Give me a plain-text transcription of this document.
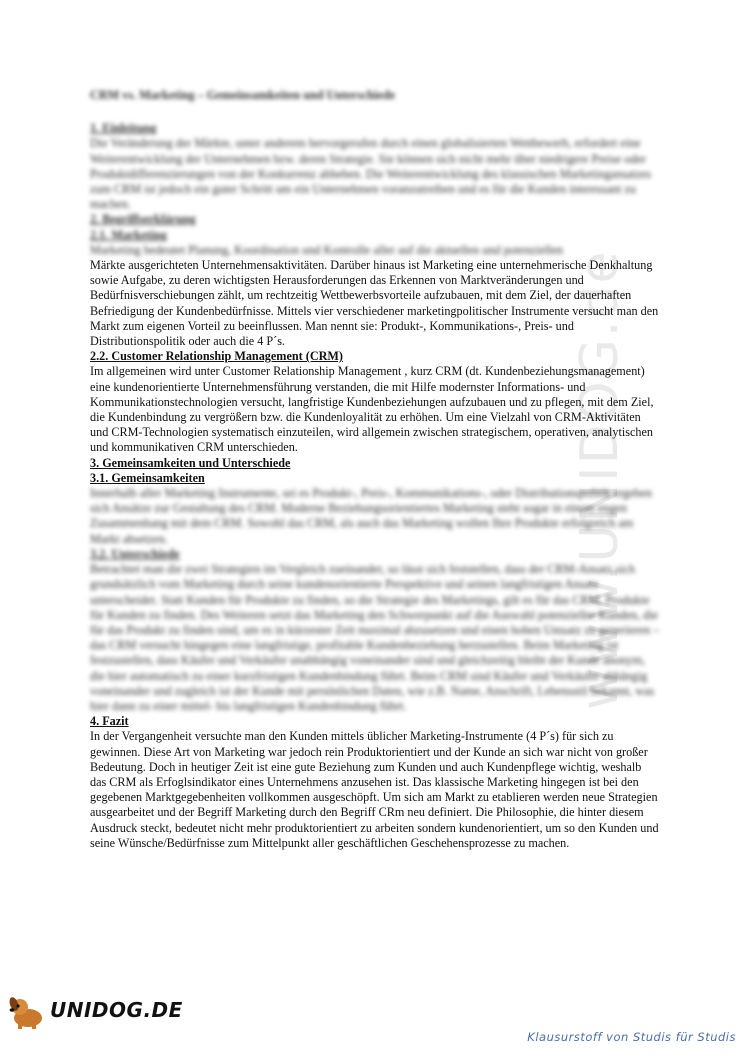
www.UNIDOG.de

CRM vs. Marketing – Gemeinsamkeiten und Unterschiede

1. Einleitung

Die Veränderung der Märkte, unter anderem hervorgerufen durch einen globalisierten Wettbewerb, erfordert eine Weiterentwicklung der Unternehmen bzw. deren Strategie. Sie können sich nicht mehr über niedrigere Preise oder Produktdifferenzierungen von der Konkurrenz abheben. Die Weiterentwicklung des klassischen Marketingansatzes zum CRM ist jedoch ein guter Schritt um ein Unternehmen voranzutreiben und es für die Kunden interessant zu machen.

2. Begriffserklärung

2.1. Marketing

Marketing bedeutet Planung, Koordination und Kontrolle aller auf die aktuellen und potenziellen

Märkte ausgerichteten Unternehmensaktivitäten. Darüber hinaus ist Marketing eine unternehmerische Denkhaltung sowie Aufgabe, zu deren wichtigsten Herausforderungen das Erkennen von Marktveränderungen und Bedürfnisverschiebungen zählt, um rechtzeitig Wettbewerbsvorteile aufzubauen, mit dem Ziel, der dauerhaften Befriedigung der Kundenbedürfnisse. Mittels vier verschiedener marketingpolitischer Instrumente versucht man den Markt zum eigenen Vorteil zu beeinflussen. Man nennt sie: Produkt-, Kommunikations-, Preis- und Distributionspolitik oder auch die 4 P´s.

2.2. Customer Relationship Management (CRM)

Im allgemeinen wird unter Customer Relationship Management , kurz CRM (dt. Kundenbeziehungsmanagement) eine kundenorientierte Unternehmensführung verstanden, die mit Hilfe modernster Informations- und Kommunikationstechnologien versucht, langfristige Kundenbeziehungen aufzubauen und zu pflegen, mit dem Ziel, die Kundenbindung zu vergrößern bzw. die Kundenloyalität zu erhöhen. Um eine Vielzahl von CRM-Aktivitäten und CRM-Technologien systematisch einzuteilen, wird allgemein zwischen strategischem, operativen, analytischen und kommunikativen CRM unterschieden.

3. Gemeinsamkeiten und Unterschiede

3.1. Gemeinsamkeiten

Innerhalb aller Marketing Instrumente, sei es Produkt-, Preis-, Kommunikations-, oder Distributionspolitik ergeben sich Ansätze zur Gestaltung des CRM. Moderne Beziehungsorientiertes Marketing steht sogar in einem engen Zusammenhang mit dem CRM. Sowohl das CRM, als auch das Marketing wollen Ihre Produkte erfolgreich am Markt absetzen.

3.2. Unterschiede

Betrachtet man die zwei Strategien im Vergleich zueinander, so lässt sich feststellen, dass der CRM-Ansatz sich grundsätzlich vom Marketing durch seine kundenorientierte Perspektive und seinen langfristigen Ansatz unterscheidet. Statt Kunden für Produkte zu finden, so die Strategie des Marketings, gilt es für das CRM, Produkte für Kunden zu finden. Des Weiteren setzt das Marketing den Schwerpunkt auf die Auswahl potenzieller Kunden, die für das Produkt zu finden sind, um es in kürzester Zeit maximal abzusetzen und einen hohen Umsatz zu generieren – das CRM versucht hingegen eine langfristige, profitable Kundenbeziehung herzustellen. Beim Marketing ist festzustellen, dass Käufer und Verkäufer unabhängig voneinander sind und gleichzeitig bleibt der Kunde anonym, die hier automatisch zu einer kurzfristigen Kundenbindung führt. Beim CRM sind Käufer und Verkäufer abhängig voneinander und zugleich ist der Kunde mit persönlichen Daten, wie z.B. Name, Anschrift, Lebensstil bekannt, was hier dann zu einer mittel- bis langfristigen Kundenbindung führt.

4. Fazit

In der Vergangenheit versuchte man den Kunden mittels üblicher Marketing-Instrumente (4 P´s) für sich zu gewinnen. Diese Art von Marketing war jedoch rein Produktorientiert und der Kunde an sich war nicht von großer Bedeutung. Doch in heutiger Zeit ist eine gute Beziehung zum Kunden und auch Kundenpflege wichtig, weshalb das CRM als Erfoglsindikator eines Unternehmens anzusehen ist. Das klassische Marketing hingegen ist bei den gegebenen Marktgegebenheiten vollkommen ausgeschöpft. Um sich am Markt zu etablieren werden neue Strategien ausgearbeitet und der Begriff Marketing durch den Begriff CRm neu definiert. Die Philosophie, die hinter diesem Ausdruck steckt, bedeutet nicht mehr produktorientiert zu arbeiten sondern kundenorientiert, um so den Kunden und seine Wünsche/Bedürfnisse zum Mittelpunkt aller geschäftlichen Geschehensprozesse zu machen.

UNIDOG.DE
Klausurstoff von Studis für Studis
